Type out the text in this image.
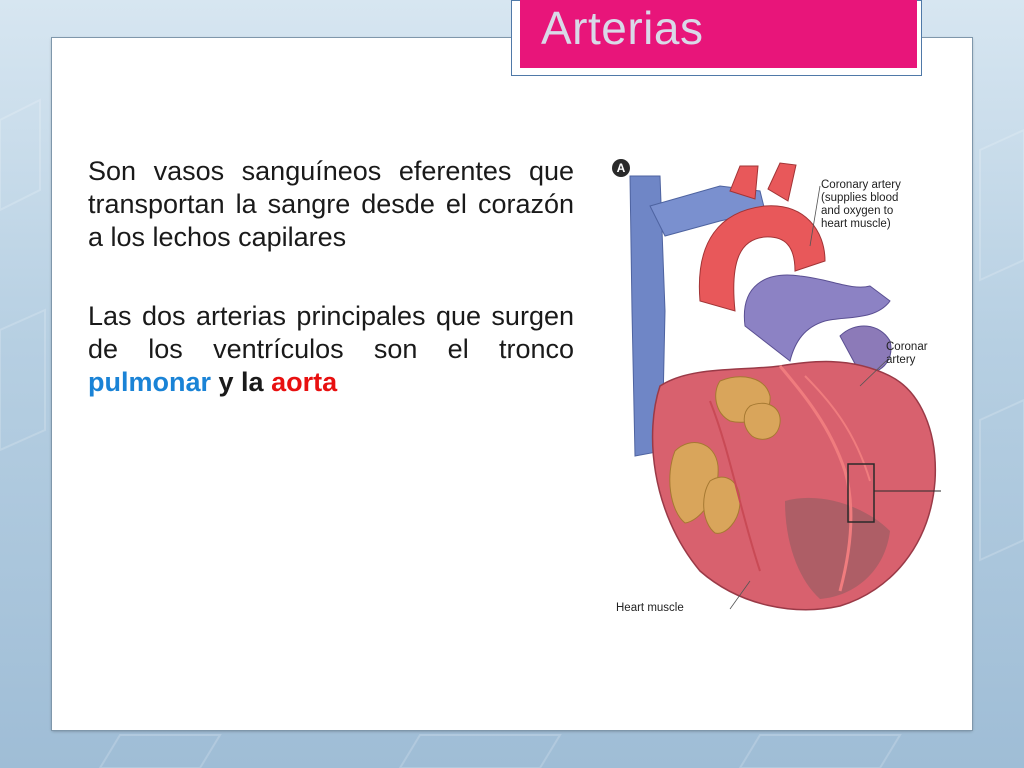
Arterias

Son vasos sanguíneos eferentes que transportan la sangre desde el corazón a los lechos capilares

Las dos arterias principales que surgen de los ventrículos son el tronco pulmonar y la aorta

A
Coronary artery
(supplies blood
and oxygen to
heart muscle)
Coronar
artery
Heart muscle
